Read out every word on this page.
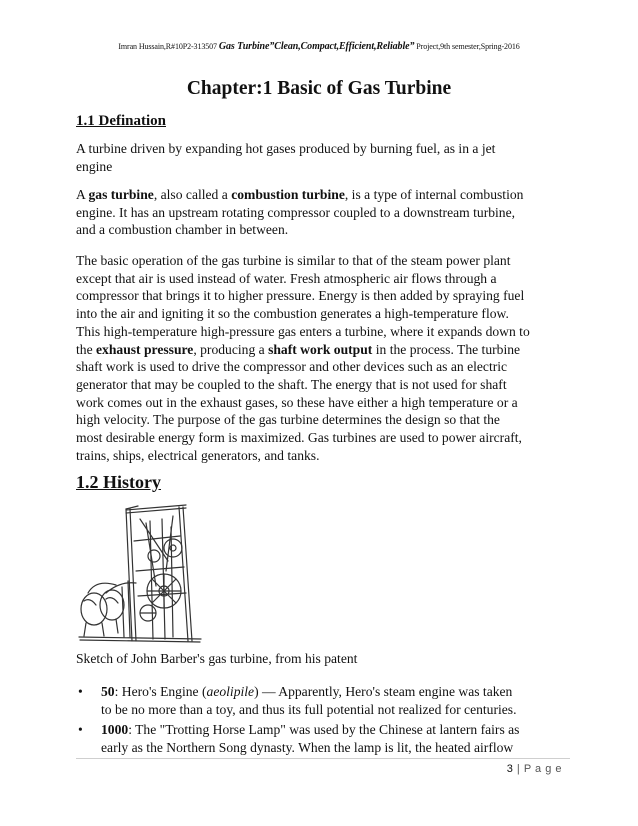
Imran Hussain,R#10P2-313507 Gas Turbine”Clean,Compact,Efficient,Reliable” Project,9th semester,Spring-2016
Chapter:1 Basic of Gas Turbine
1.1 Defination
A turbine driven by expanding hot gases produced by burning fuel, as in a jet
engine
A gas turbine, also called a combustion turbine, is a type of internal combustion
engine. It has an upstream rotating compressor coupled to a downstream turbine,
and a combustion chamber in between.
The basic operation of the gas turbine is similar to that of the steam power plant
except that air is used instead of water. Fresh atmospheric air flows through a
compressor that brings it to higher pressure. Energy is then added by spraying fuel
into the air and igniting it so the combustion generates a high-temperature flow.
This high-temperature high-pressure gas enters a turbine, where it expands down to
the exhaust pressure, producing a shaft work output in the process. The turbine
shaft work is used to drive the compressor and other devices such as an electric
generator that may be coupled to the shaft. The energy that is not used for shaft
work comes out in the exhaust gases, so these have either a high temperature or a
high velocity. The purpose of the gas turbine determines the design so that the
most desirable energy form is maximized. Gas turbines are used to power aircraft,
trains, ships, electrical generators, and tanks.
1.2 History
Sketch of John Barber's gas turbine, from his patent
• 50: Hero's Engine (aeolipile) — Apparently, Hero's steam engine was taken
to be no more than a toy, and thus its full potential not realized for centuries.
• 1000: The "Trotting Horse Lamp" was used by the Chinese at lantern fairs as
early as the Northern Song dynasty. When the lamp is lit, the heated airflow
3 | P a g e
